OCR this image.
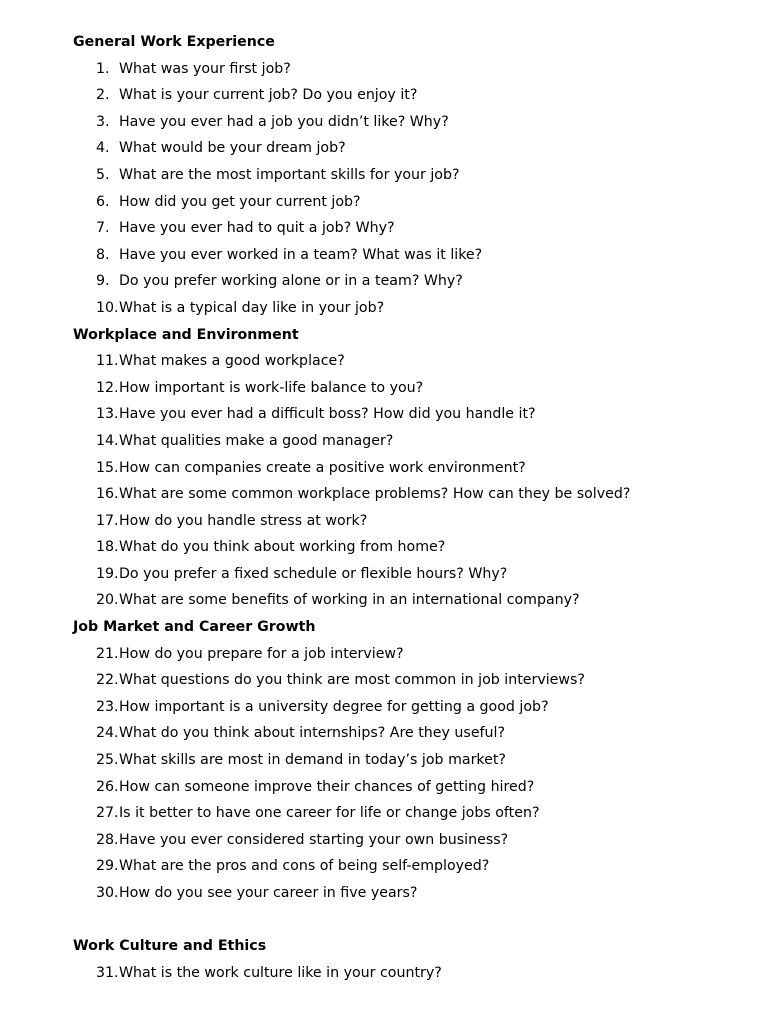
General Work Experience
1. What was your first job?
2. What is your current job? Do you enjoy it?
3. Have you ever had a job you didn’t like? Why?
4. What would be your dream job?
5. What are the most important skills for your job?
6. How did you get your current job?
7. Have you ever had to quit a job? Why?
8. Have you ever worked in a team? What was it like?
9. Do you prefer working alone or in a team? Why?
10. What is a typical day like in your job?
Workplace and Environment
11. What makes a good workplace?
12. How important is work-life balance to you?
13. Have you ever had a difficult boss? How did you handle it?
14. What qualities make a good manager?
15. How can companies create a positive work environment?
16. What are some common workplace problems? How can they be solved?
17. How do you handle stress at work?
18. What do you think about working from home?
19. Do you prefer a fixed schedule or flexible hours? Why?
20. What are some benefits of working in an international company?
Job Market and Career Growth
21. How do you prepare for a job interview?
22. What questions do you think are most common in job interviews?
23. How important is a university degree for getting a good job?
24. What do you think about internships? Are they useful?
25. What skills are most in demand in today’s job market?
26. How can someone improve their chances of getting hired?
27. Is it better to have one career for life or change jobs often?
28. Have you ever considered starting your own business?
29. What are the pros and cons of being self-employed?
30. How do you see your career in five years?
Work Culture and Ethics
31. What is the work culture like in your country?
